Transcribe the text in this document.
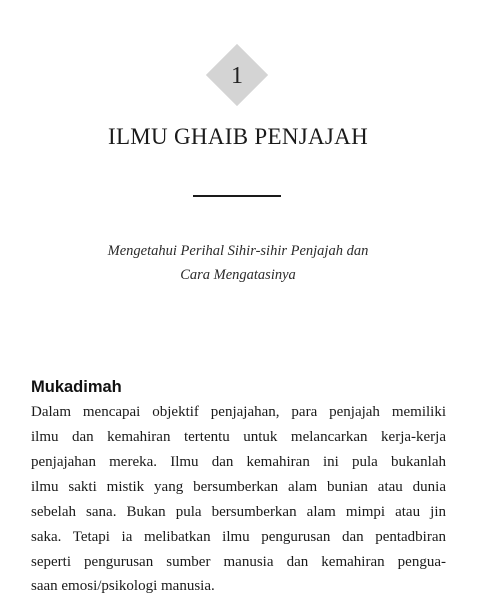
1
ILMU GHAIB PENJAJAH
Mengetahui Perihal Sihir-sihir Penjajah dan
Cara Mengatasinya
Mukadimah
Dalam mencapai objektif penjajahan, para penjajah memiliki
ilmu dan kemahiran tertentu untuk melancarkan kerja-kerja
penjajahan mereka. Ilmu dan kemahiran ini pula bukanlah
ilmu sakti mistik yang bersumberkan alam bunian atau dunia
sebelah sana. Bukan pula bersumberkan alam mimpi atau jin
saka. Tetapi ia melibatkan ilmu pengurusan dan pentadbiran
seperti pengurusan sumber manusia dan kemahiran pengua-
saan emosi/psikologi manusia.
